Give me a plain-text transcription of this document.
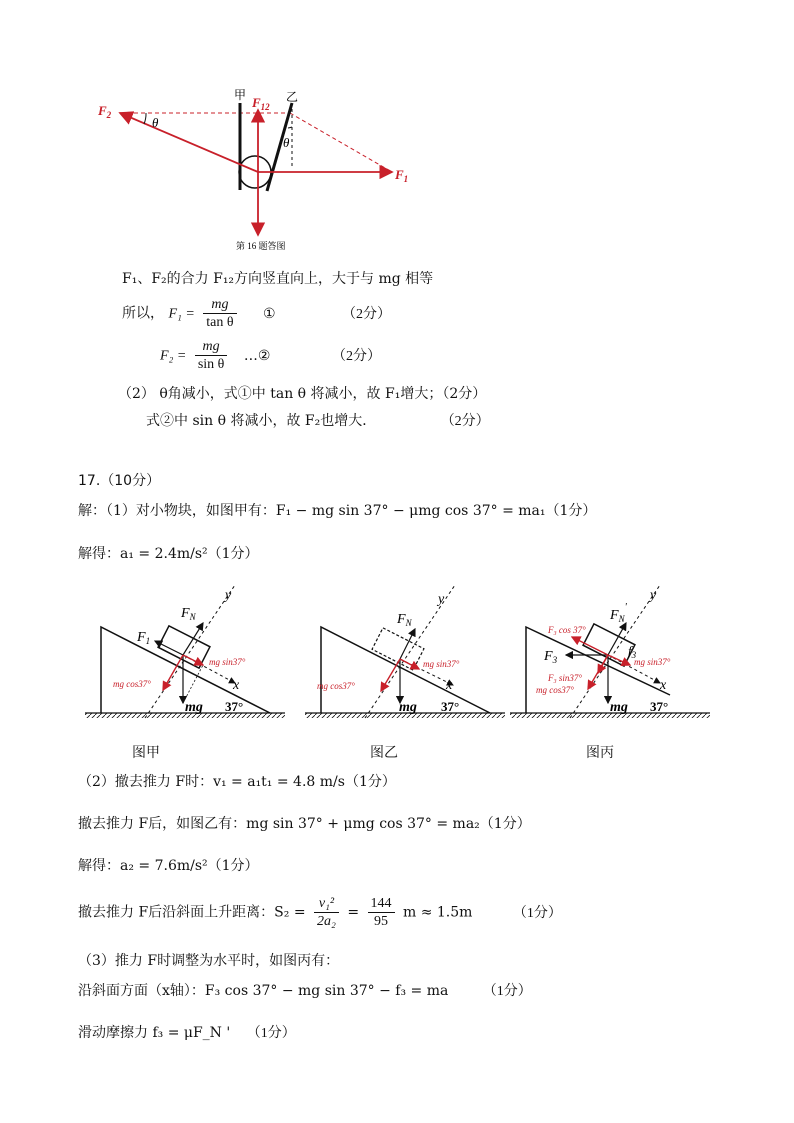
甲	乙
$F_2$
$F_{12}$
$F_1$
θ
θ
第 16 题答图
F₁、F₂的合力 F₁₂方向竖直向上，大于与 mg 相等
所以， $F_1 = \frac{mg}{\text{tan θ}}$ ①	（2分）
$F_2 = \frac{mg}{\text{sin θ}}$ …②	（2分）
（2） θ角减小，式①中 tan θ 将减小，故 F₁增大；（2分）
式②中 sin θ 将减小，故 F₂也增大．	（2分）
17.（10分）
解：（1）对小物块，如图甲有：F₁ − mg sin 37° − μmg cos 37° = ma₁（1分）
解得：a₁ = 2.4m/s²（1分）
y
x
$F_N$
$F_1$
mg sin37°
mg cos37°
mg 37°
y
x
$F_N$
mg sin37°
mg cos37°
mg 37°
y
x
$F_N'$
$f_3$
$F_3$
F₃ cos 37°
F₃ sin37°
mg cos37°
mg sin37°
mg 37°
图甲	图乙	图丙
（2）撤去推力 F时：v₁ = a₁t₁ = 4.8 m/s（1分）
撤去推力 F后，如图乙有：mg sin 37° + μmg cos 37° = ma₂（1分）
解得：a₂ = 7.6m/s²（1分）
撤去推力 F后沿斜面上升距离：$S_2 = \frac{\text{v₁²}}{\text{2a₂}} = \frac{144}{95}$ m ≈ 1.5m	（1分）
（3）推力 F时调整为水平时，如图丙有：
沿斜面方面（x轴）：F₃ cos 37° − mg sin 37° − f₃ = ma （1分）
滑动摩擦力 f₃ = μF_N ' （1分）
